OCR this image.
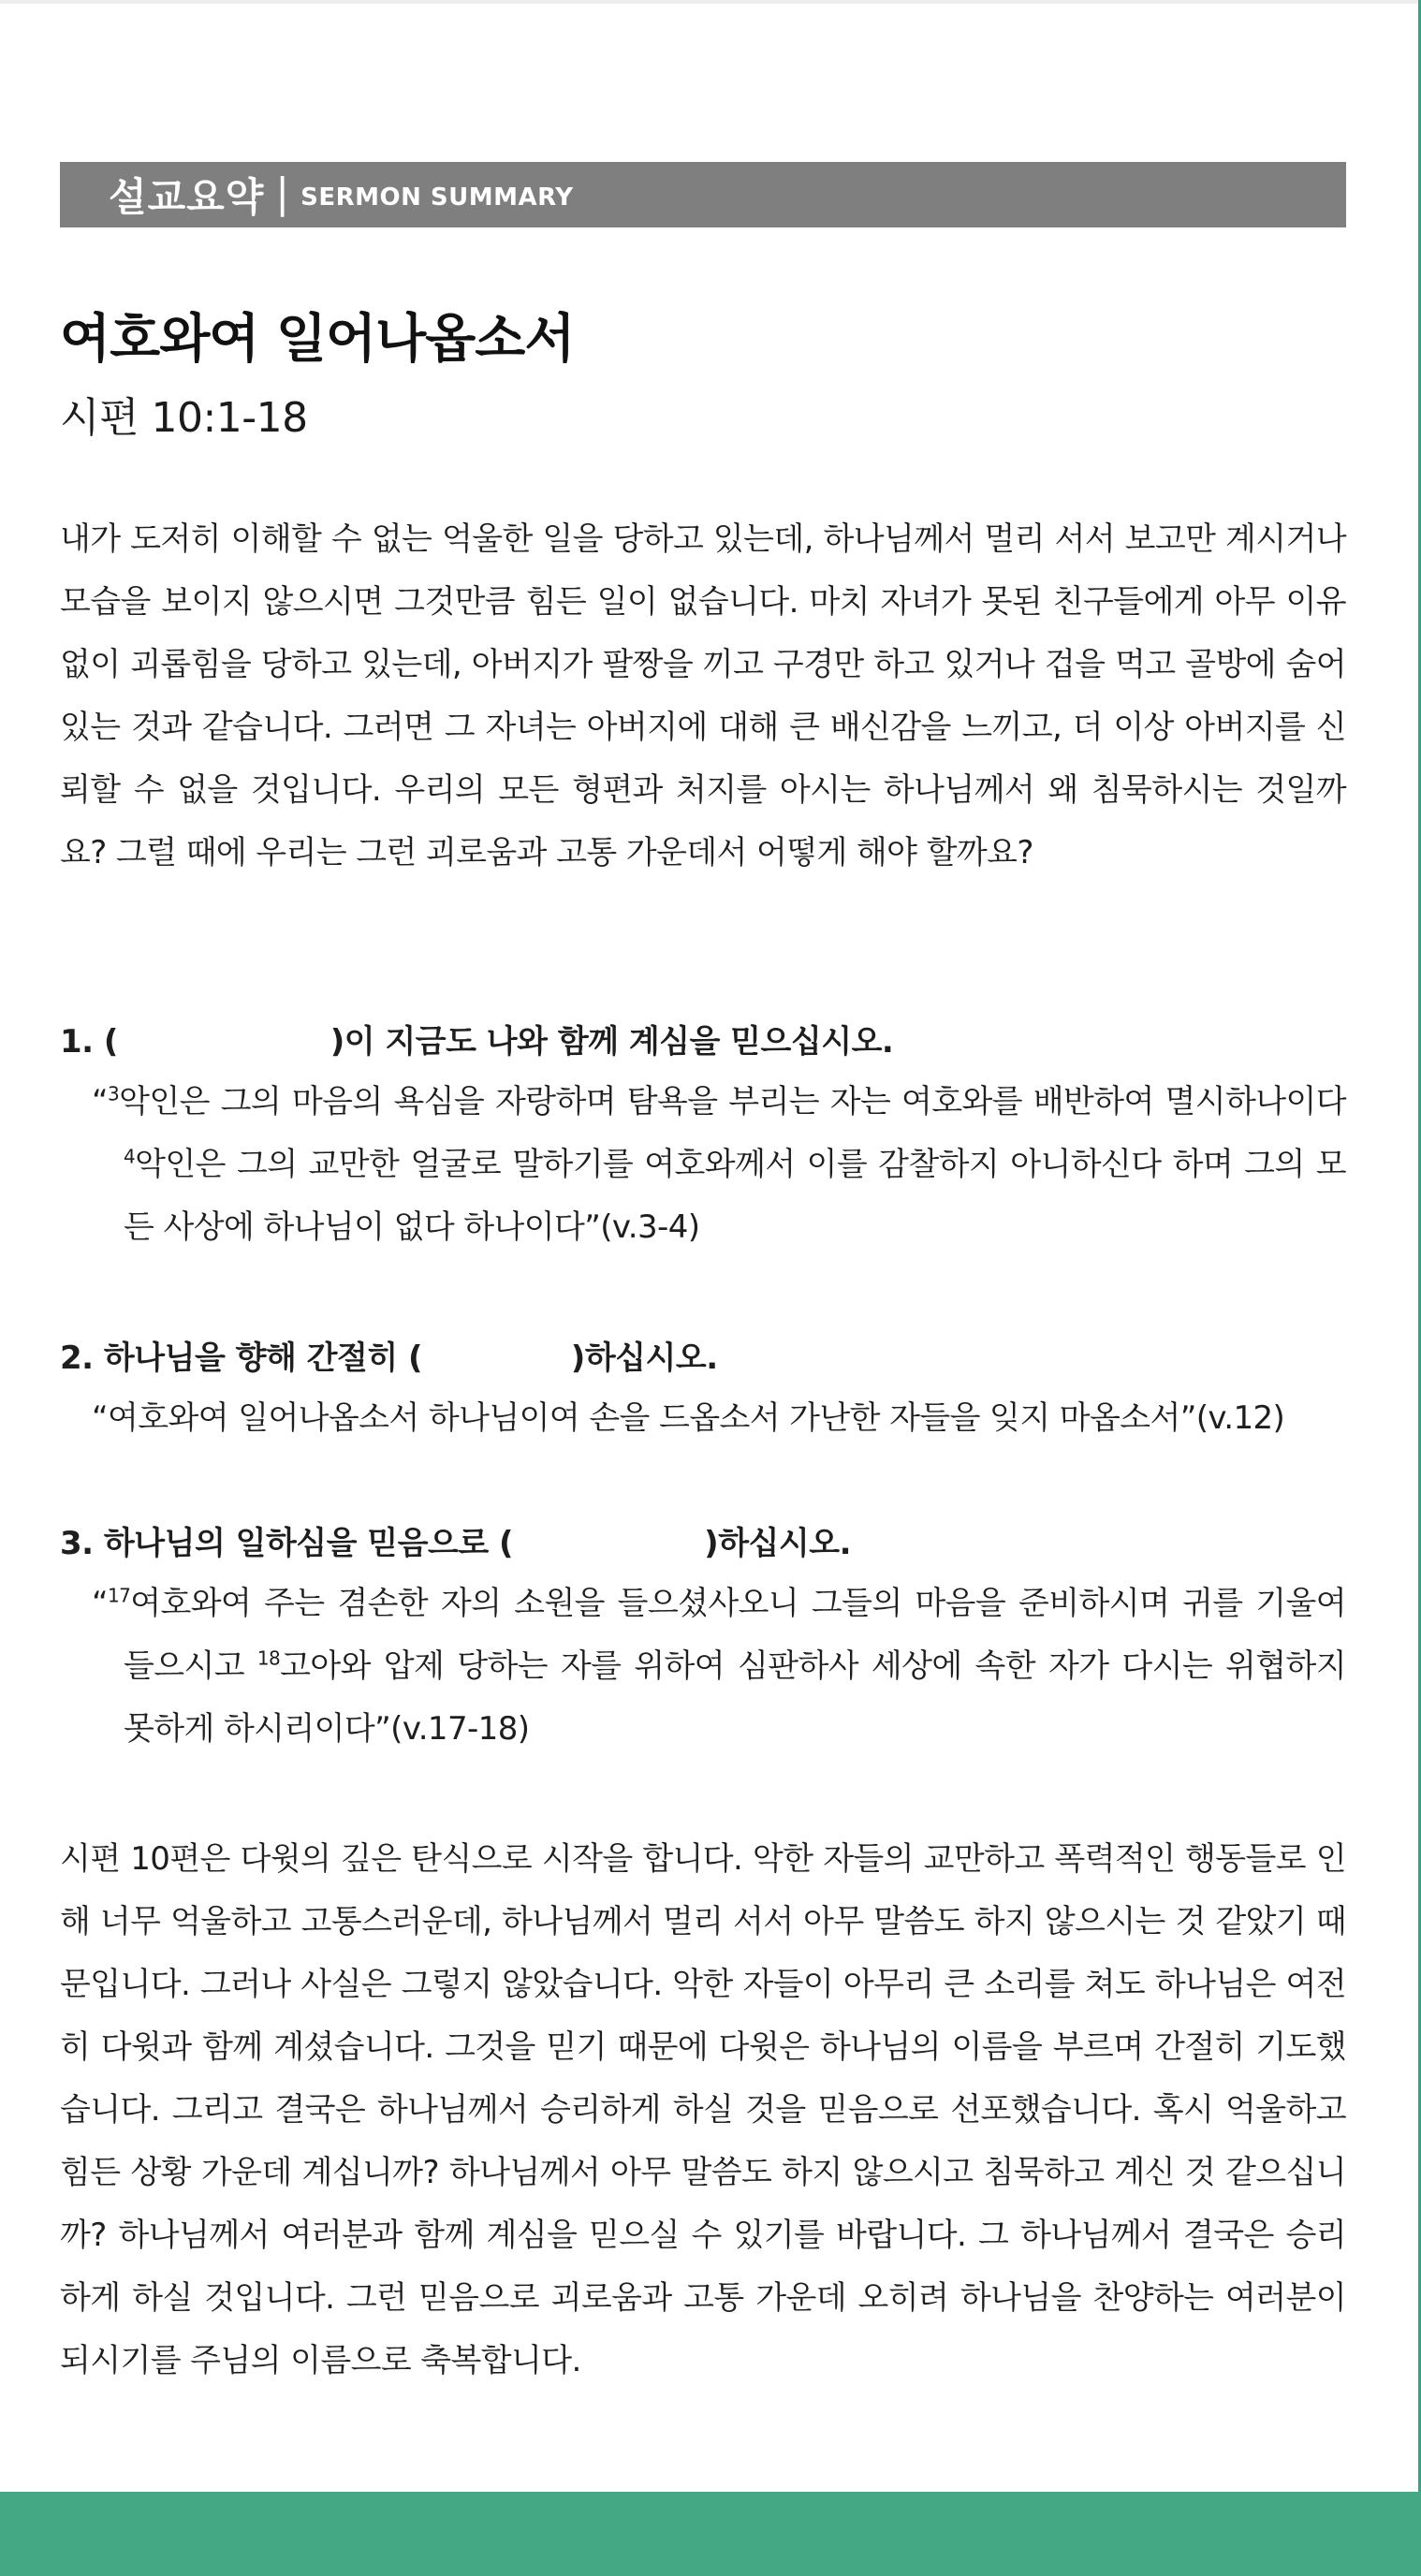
설교요약 | SERMON SUMMARY
여호와여 일어나옵소서
시편 10:1-18

내가 도저히 이해할 수 없는 억울한 일을 당하고 있는데, 하나님께서 멀리 서서 보고만 계시거나 모습을 보이지 않으시면 그것만큼 힘든 일이 없습니다. 마치 자녀가 못된 친구들에게 아무 이유 없이 괴롭힘을 당하고 있는데, 아버지가 팔짱을 끼고 구경만 하고 있거나 겁을 먹고 골방에 숨어 있는 것과 같습니다. 그러면 그 자녀는 아버지에 대해 큰 배신감을 느끼고, 더 이상 아버지를 신뢰할 수 없을 것입니다. 우리의 모든 형편과 처지를 아시는 하나님께서 왜 침묵하시는 것일까요? 그럴 때에 우리는 그런 괴로움과 고통 가운데서 어떻게 해야 할까요?

1. (	)이 지금도 나와 함께 계심을 믿으십시오.
“$^3$악인은 그의 마음의 욕심을 자랑하며 탐욕을 부리는 자는 여호와를 배반하여 멸시하나이다 $^4$악인은 그의 교만한 얼굴로 말하기를 여호와께서 이를 감찰하지 아니하신다 하며 그의 모든 사상에 하나님이 없다 하나이다”(v.3-4)
2. 하나님을 향해 간절히 (	)하십시오.
“여호와여 일어나옵소서 하나님이여 손을 드옵소서 가난한 자들을 잊지 마옵소서”(v.12)
3. 하나님의 일하심을 믿음으로 (	)하십시오.
“$^{17}$여호와여 주는 겸손한 자의 소원을 들으셨사오니 그들의 마음을 준비하시며 귀를 기울여 들으시고 $^{18}$고아와 압제 당하는 자를 위하여 심판하사 세상에 속한 자가 다시는 위협하지 못하게 하시리이다”(v.17-18)

시편 10편은 다윗의 깊은 탄식으로 시작을 합니다. 악한 자들의 교만하고 폭력적인 행동들로 인해 너무 억울하고 고통스러운데, 하나님께서 멀리 서서 아무 말씀도 하지 않으시는 것 같았기 때문입니다. 그러나 사실은 그렇지 않았습니다. 악한 자들이 아무리 큰 소리를 쳐도 하나님은 여전히 다윗과 함께 계셨습니다. 그것을 믿기 때문에 다윗은 하나님의 이름을 부르며 간절히 기도했습니다. 그리고 결국은 하나님께서 승리하게 하실 것을 믿음으로 선포했습니다. 혹시 억울하고 힘든 상황 가운데 계십니까? 하나님께서 아무 말씀도 하지 않으시고 침묵하고 계신 것 같으십니까? 하나님께서 여러분과 함께 계심을 믿으실 수 있기를 바랍니다. 그 하나님께서 결국은 승리하게 하실 것입니다. 그런 믿음으로 괴로움과 고통 가운데 오히려 하나님을 찬양하는 여러분이 되시기를 주님의 이름으로 축복합니다.
